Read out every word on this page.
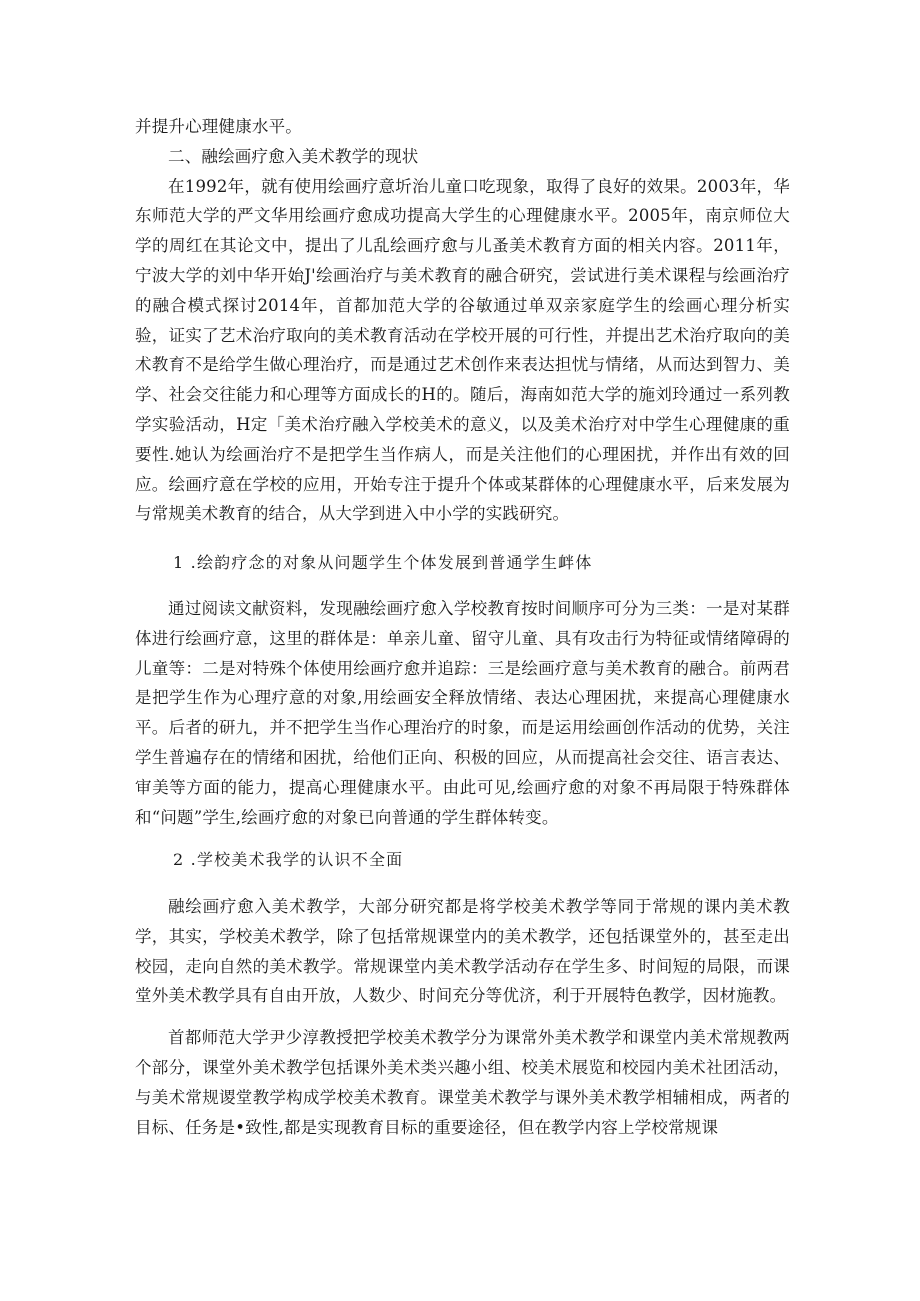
并提升心理健康水平。

二、融绘画疗愈入美术教学的现状

在1992年，就有使用绘画疗意圻治儿童口吃现象，取得了良好的效果。2003年，华东师范大学的严文华用绘画疗愈成功提高大学生的心理健康水平。2005年，南京师位大学的周红在其论文中，提出了儿乱绘画疗愈与儿蚤美术教育方面的相关内容。2011年，宁波大学的刘中华开始J'绘画治疗与美术教育的融合研究，尝试进行美术课程与绘画治疗的融合模式探讨2014年，首都加范大学的谷敏通过单双亲家庭学生的绘画心理分析实验，证实了艺术治疗取向的美术教育活动在学校开展的可行性，并提出艺术治疗取向的美术教育不是给学生做心理治疗，而是通过艺术创作来表达担忧与情绪，从而达到智力、美学、社会交往能力和心理等方面成长的H的。随后，海南如范大学的施刘玲通过一系列教学实验活动，H定「美术治疗融入学校美术的意义，以及美术治疗对中学生心理健康的重要性.她认为绘画治疗不是把学生当作病人，而是关注他们的心理困扰，并作出有效的回应。绘画疗意在学校的应用，开始专注于提升个体或某群体的心理健康水平，后来发展为与常规美术教育的结合，从大学到进入中小学的实践研究。

1 .绘韵疗念的对象从问题学生个体发展到普通学生衅体

通过阅读文献资料，发现融绘画疗愈入学校教育按时间顺序可分为三类：一是对某群体进行绘画疗意，这里的群体是：单亲儿童、留守儿童、具有攻击行为特征或情绪障碍的儿童等：二是对特殊个体使用绘画疗愈并追踪：三是绘画疗意与美术教育的融合。前两君是把学生作为心理疗意的对象,用绘画安全释放情绪、表达心理困扰，来提高心理健康水平。后者的研九，并不把学生当作心理治疗的时象，而是运用绘画创作活动的优势，关注学生普遍存在的情绪和困扰，给他们正向、积极的回应，从而提高社会交往、语言表达、审美等方面的能力，提高心理健康水平。由此可见,绘画疗愈的对象不再局限于特殊群体和“问题”学生,绘画疗愈的对象已向普通的学生群体转变。

2 .学校美术我学的认识不全面

融绘画疗愈入美术教学，大部分研究都是将学校美术教学等同于常规的课内美术教学，其实，学校美术教学，除了包括常规课堂内的美术教学，还包括课堂外的，甚至走出校园，走向自然的美术教学。常规课堂内美术教学活动存在学生多、时间短的局限，而课堂外美术教学具有自由开放，人数少、时间充分等优济，利于开展特色教学，因材施教。

首都师范大学尹少淳教授把学校美术教学分为课常外美术教学和课堂内美术常规教两个部分，课堂外美术教学包括课外美术类兴趣小组、校美术展览和校园内美术社团活动，与美术常规谡堂教学构成学校美术教育。课堂美术教学与课外美术教学相辅相成，两者的目标、任务是•致性,都是实现教育目标的重要途径，但在教学内容上学校常规课
